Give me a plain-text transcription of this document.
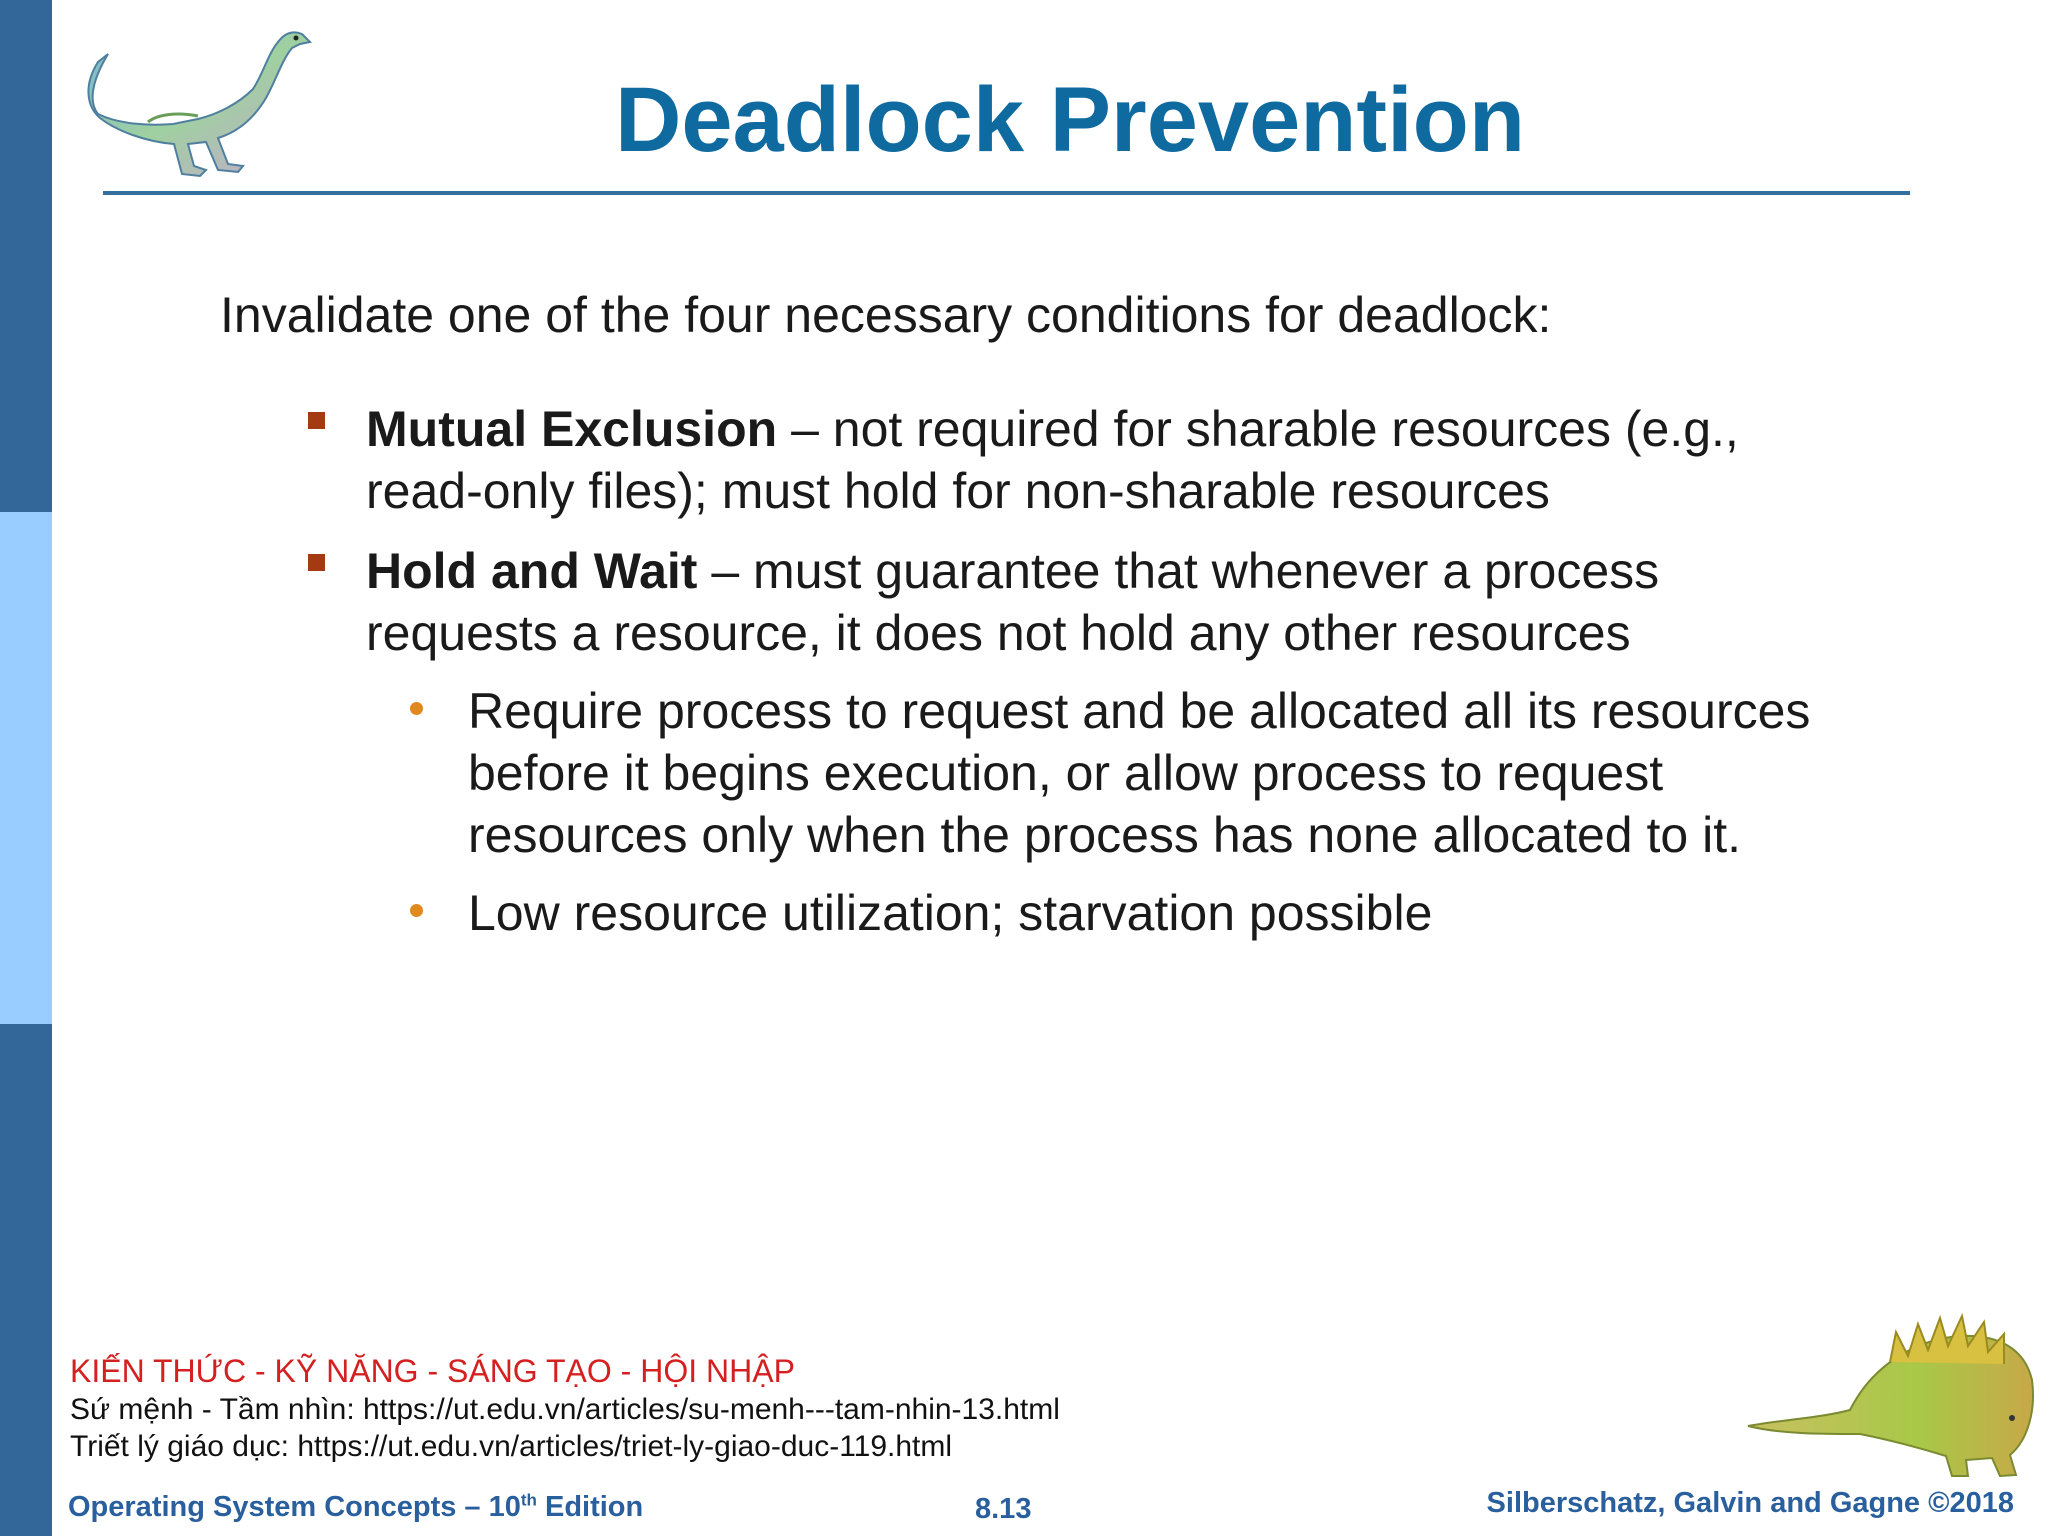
Deadlock Prevention
Invalidate one of the four necessary conditions for deadlock:
Mutual Exclusion – not required for sharable resources (e.g.,
read-only files); must hold for non-sharable resources
Hold and Wait – must guarantee that whenever a process
requests a resource, it does not hold any other resources
Require process to request and be allocated all its resources
before it begins execution, or allow process to request
resources only when the process has none allocated to it.
Low resource utilization; starvation possible
KIẾN THỨC - KỸ NĂNG - SÁNG TẠO - HỘI NHẬP
Sứ mệnh - Tầm nhìn: https://ut.edu.vn/articles/su-menh---tam-nhin-13.html
Triết lý giáo dục: https://ut.edu.vn/articles/triet-ly-giao-duc-119.html
Operating System Concepts – 10th Edition	8.13	Silberschatz, Galvin and Gagne ©2018
